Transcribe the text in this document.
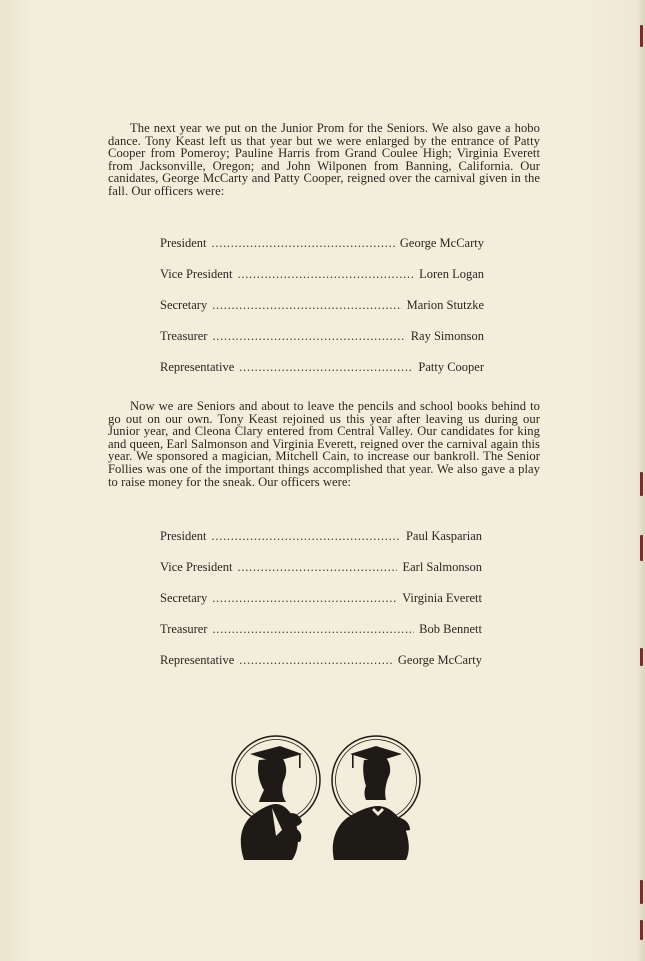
The next year we put on the Junior Prom for the Seniors. We also gave a hobo dance. Tony Keast left us that year but we were enlarged by the entrance of Patty Cooper from Pomeroy; Pauline Harris from Grand Coulee High; Virginia Everett from Jacksonville, Oregon; and John Wilponen from Banning, California. Our canidates, George McCarty and Patty Cooper, reigned over the carnival given in the fall. Our officers were:

President . . .	George McCarty
Vice President . . .	Loren Logan
Secretary . . .	Marion Stutzke
Treasurer . . .	Ray Simonson
Representative . . .	Patty Cooper

Now we are Seniors and about to leave the pencils and school books behind to go out on our own. Tony Keast rejoined us this year after leaving us during our Junior year, and Cleona Clary entered from Central Valley. Our candidates for king and queen, Earl Salmonson and Virginia Everett, reigned over the carnival again this year. We sponsored a magician, Mitchell Cain, to increase our bankroll. The Senior Follies was one of the important things accomplished that year. We also gave a play to raise money for the sneak. Our officers were:

President . . .	Paul Kasparian
Vice President . . .	Earl Salmonson
Secretary . . .	Virginia Everett
Treasurer . . .	Bob Bennett
Representative . . .	George McCarty
